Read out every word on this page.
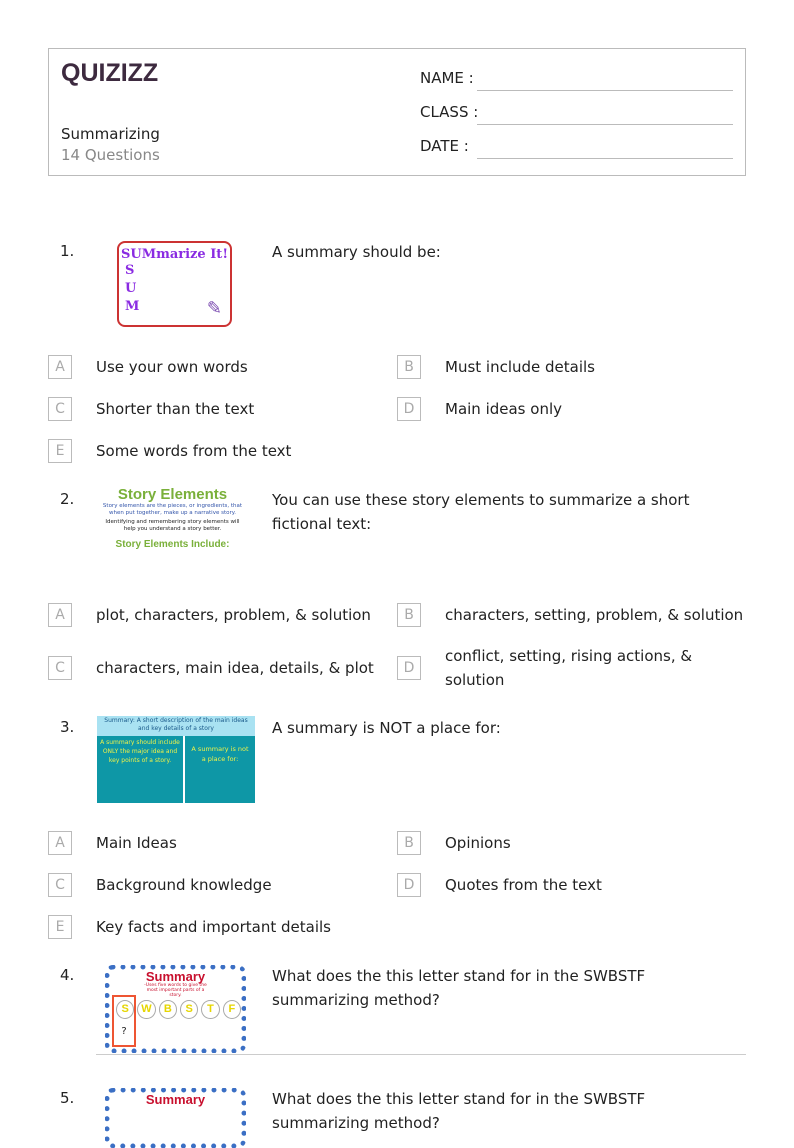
QUIZIZZ
Summarizing
14 Questions
NAME :
CLASS :
DATE :
1.	SUMmarize It!
S
U
M	✎
A summary should be:
A	Use your own words	B	Must include details
C	Shorter than the text	D	Main ideas only
E	Some words from the text
2.	Story Elements
Story elements are the pieces, or ingredients, that when put together, make up a narrative story.
Identifying and remembering story elements will help you understand a story better.
Story Elements Include:
You can use these story elements to summarize a short fictional text:
A	plot, characters, problem, & solution	B	characters, setting, problem, & solution
C	characters, main idea, details, & plot	D
conflict, setting, rising actions, & solution
3.	Summary: A short description of the main ideas and key details of a story
A summary should include ONLY the major idea and key points of a story.
A summary is not a place for:
A summary is NOT a place for:
A	Main Ideas	B	Opinions
C	Background knowledge	D	Quotes from the text
E	Key facts and important details
4.	Summary
-Uses five words to give the most important parts of a story.
S	W	B	S	T	F
?
What does the this letter stand for in the SWBSTF summarizing method?
5.	Summary	What does the this letter stand for in the SWBSTF summarizing method?
